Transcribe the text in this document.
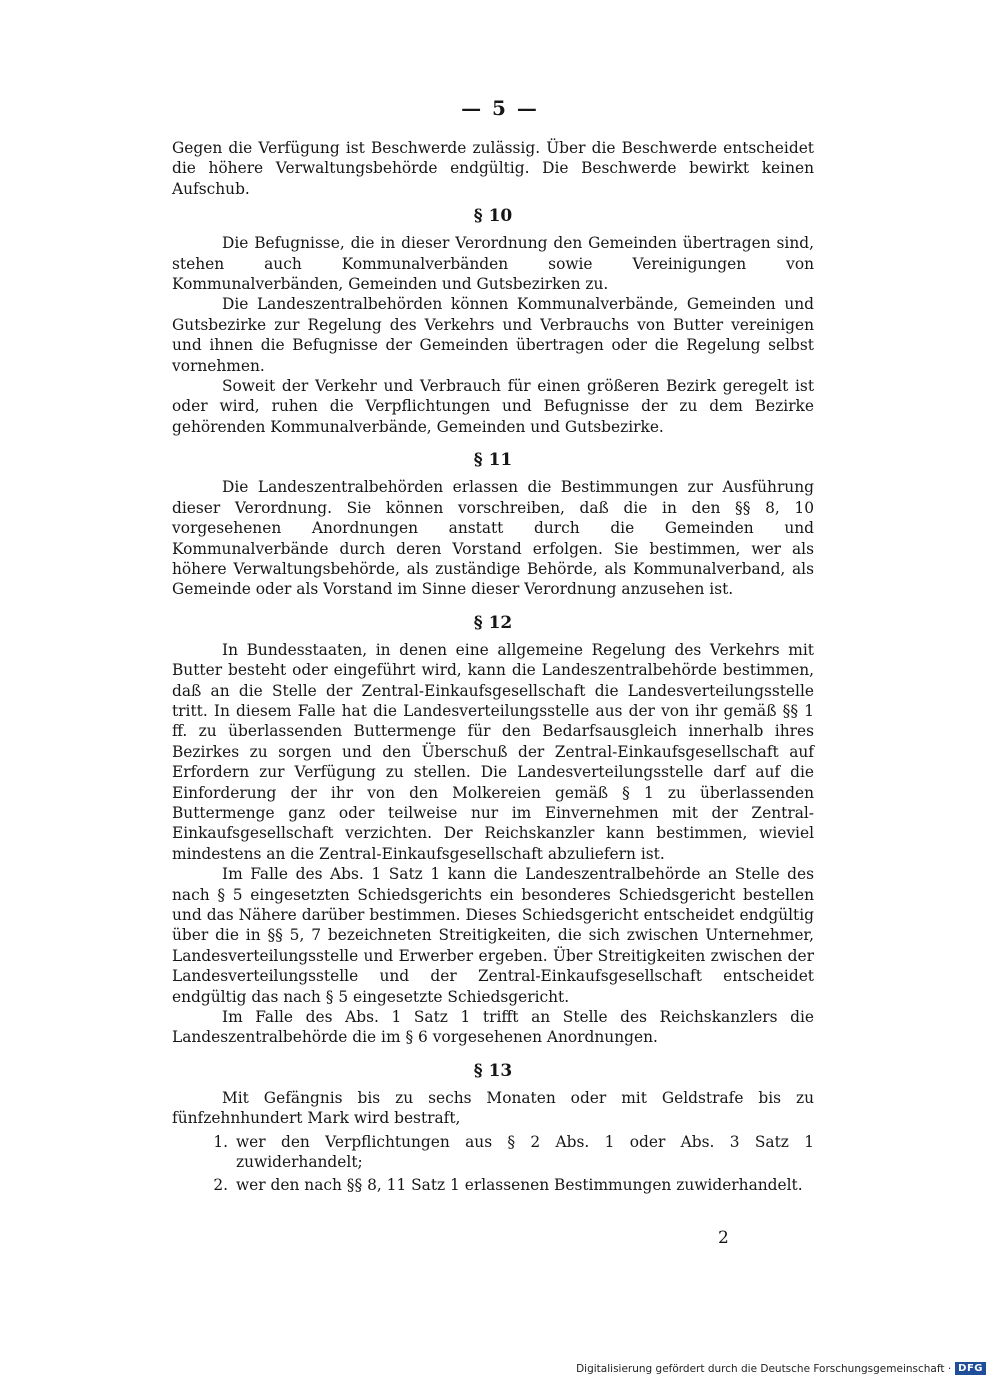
— 5 —

Gegen die Verfügung ist Beschwerde zulässig. Über die Beschwerde entscheidet die höhere Verwaltungsbehörde endgültig. Die Beschwerde bewirkt keinen Aufschub.

§ 10

Die Befugnisse, die in dieser Verordnung den Gemeinden übertragen sind, stehen auch Kommunalverbänden sowie Vereinigungen von Kommunalverbänden, Gemeinden und Gutsbezirken zu.

Die Landeszentralbehörden können Kommunalverbände, Gemeinden und Gutsbezirke zur Regelung des Verkehrs und Verbrauchs von Butter vereinigen und ihnen die Befugnisse der Gemeinden übertragen oder die Regelung selbst vornehmen.

Soweit der Verkehr und Verbrauch für einen größeren Bezirk geregelt ist oder wird, ruhen die Verpflichtungen und Befugnisse der zu dem Bezirke gehörenden Kommunalverbände, Gemeinden und Gutsbezirke.

§ 11

Die Landeszentralbehörden erlassen die Bestimmungen zur Ausführung dieser Verordnung. Sie können vorschreiben, daß die in den §§ 8, 10 vorgesehenen Anordnungen anstatt durch die Gemeinden und Kommunalverbände durch deren Vorstand erfolgen. Sie bestimmen, wer als höhere Verwaltungsbehörde, als zuständige Behörde, als Kommunalverband, als Gemeinde oder als Vorstand im Sinne dieser Verordnung anzusehen ist.

§ 12

In Bundesstaaten, in denen eine allgemeine Regelung des Verkehrs mit Butter besteht oder eingeführt wird, kann die Landeszentralbehörde bestimmen, daß an die Stelle der Zentral-Einkaufsgesellschaft die Landesverteilungsstelle tritt. In diesem Falle hat die Landesverteilungsstelle aus der von ihr gemäß §§ 1 ff. zu überlassenden Buttermenge für den Bedarfsausgleich innerhalb ihres Bezirkes zu sorgen und den Überschuß der Zentral-Einkaufsgesellschaft auf Erfordern zur Verfügung zu stellen. Die Landesverteilungsstelle darf auf die Einforderung der ihr von den Molkereien gemäß § 1 zu überlassenden Buttermenge ganz oder teilweise nur im Einvernehmen mit der Zentral-Einkaufsgesellschaft verzichten. Der Reichskanzler kann bestimmen, wieviel mindestens an die Zentral-Einkaufsgesellschaft abzuliefern ist.

Im Falle des Abs. 1 Satz 1 kann die Landeszentralbehörde an Stelle des nach § 5 eingesetzten Schiedsgerichts ein besonderes Schiedsgericht bestellen und das Nähere darüber bestimmen. Dieses Schiedsgericht entscheidet endgültig über die in §§ 5, 7 bezeichneten Streitigkeiten, die sich zwischen Unternehmer, Landesverteilungsstelle und Erwerber ergeben. Über Streitigkeiten zwischen der Landesverteilungsstelle und der Zentral-Einkaufsgesellschaft entscheidet endgültig das nach § 5 eingesetzte Schiedsgericht.

Im Falle des Abs. 1 Satz 1 trifft an Stelle des Reichskanzlers die Landeszentralbehörde die im § 6 vorgesehenen Anordnungen.

§ 13

Mit Gefängnis bis zu sechs Monaten oder mit Geldstrafe bis zu fünfzehnhundert Mark wird bestraft,

1. wer den Verpflichtungen aus § 2 Abs. 1 oder Abs. 3 Satz 1 zuwiderhandelt;
2. wer den nach §§ 8, 11 Satz 1 erlassenen Bestimmungen zuwiderhandelt.
2
Digitalisierung gefördert durch die Deutsche Forschungsgemeinschaft · DFG
